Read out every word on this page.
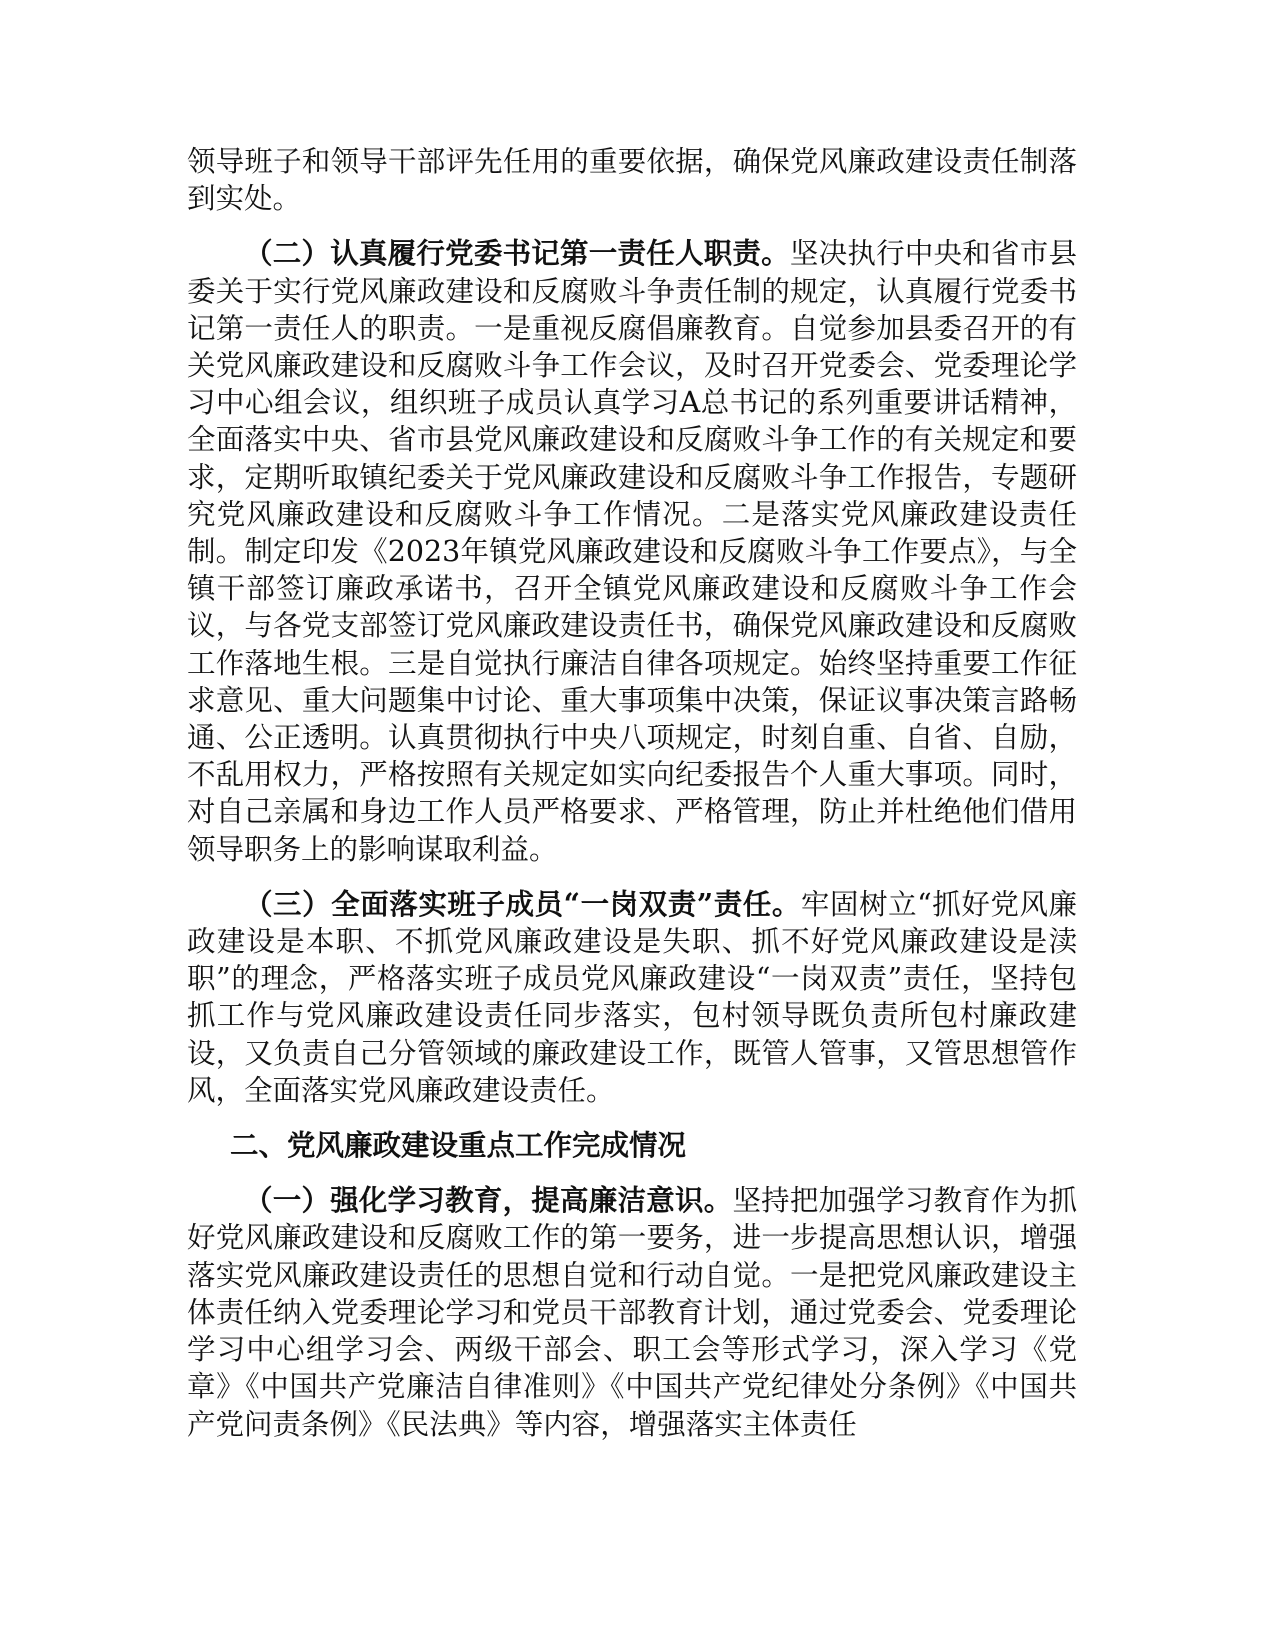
领导班子和领导干部评先任用的重要依据，确保党风廉政建设责任制落到实处。

（二）认真履行党委书记第一责任人职责。坚决执行中央和省市县委关于实行党风廉政建设和反腐败斗争责任制的规定，认真履行党委书记第一责任人的职责。一是重视反腐倡廉教育。自觉参加县委召开的有关党风廉政建设和反腐败斗争工作会议，及时召开党委会、党委理论学习中心组会议，组织班子成员认真学习A总书记的系列重要讲话精神，全面落实中央、省市县党风廉政建设和反腐败斗争工作的有关规定和要求，定期听取镇纪委关于党风廉政建设和反腐败斗争工作报告，专题研究党风廉政建设和反腐败斗争工作情况。二是落实党风廉政建设责任制。制定印发《2023年镇党风廉政建设和反腐败斗争工作要点》，与全镇干部签订廉政承诺书，召开全镇党风廉政建设和反腐败斗争工作会议，与各党支部签订党风廉政建设责任书，确保党风廉政建设和反腐败工作落地生根。三是自觉执行廉洁自律各项规定。始终坚持重要工作征求意见、重大问题集中讨论、重大事项集中决策，保证议事决策言路畅通、公正透明。认真贯彻执行中央八项规定，时刻自重、自省、自励，不乱用权力，严格按照有关规定如实向纪委报告个人重大事项。同时，对自己亲属和身边工作人员严格要求、严格管理，防止并杜绝他们借用领导职务上的影响谋取利益。

（三）全面落实班子成员“一岗双责”责任。牢固树立“抓好党风廉政建设是本职、不抓党风廉政建设是失职、抓不好党风廉政建设是渎职”的理念，严格落实班子成员党风廉政建设“一岗双责”责任，坚持包抓工作与党风廉政建设责任同步落实，包村领导既负责所包村廉政建设，又负责自己分管领域的廉政建设工作，既管人管事，又管思想管作风，全面落实党风廉政建设责任。

二、党风廉政建设重点工作完成情况

（一）强化学习教育，提高廉洁意识。坚持把加强学习教育作为抓好党风廉政建设和反腐败工作的第一要务，进一步提高思想认识，增强落实党风廉政建设责任的思想自觉和行动自觉。一是把党风廉政建设主体责任纳入党委理论学习和党员干部教育计划，通过党委会、党委理论学习中心组学习会、两级干部会、职工会等形式学习，深入学习《党章》《中国共产党廉洁自律准则》《中国共产党纪律处分条例》《中国共产党问责条例》《民法典》等内容，增强落实主体责任
